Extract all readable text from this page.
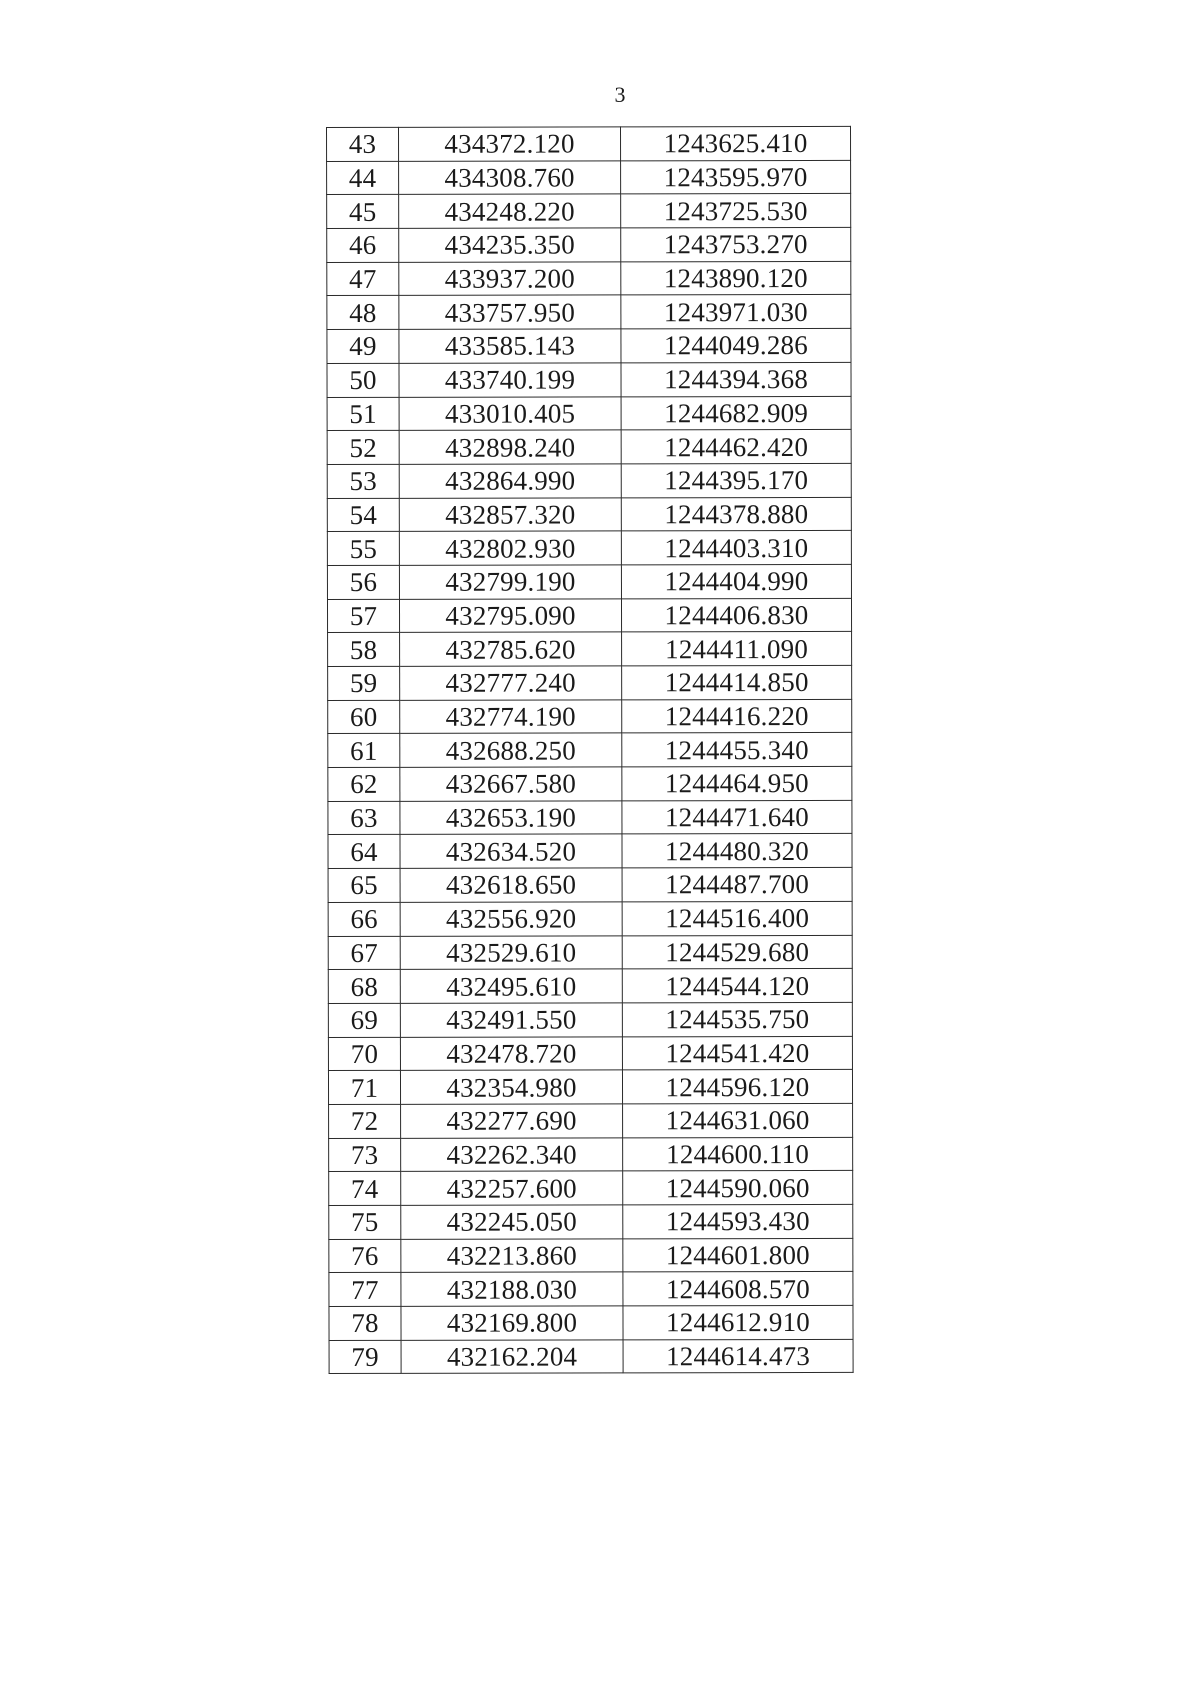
3
43	434372.120	1243625.410
44	434308.760	1243595.970
45	434248.220	1243725.530
46	434235.350	1243753.270
47	433937.200	1243890.120
48	433757.950	1243971.030
49	433585.143	1244049.286
50	433740.199	1244394.368
51	433010.405	1244682.909
52	432898.240	1244462.420
53	432864.990	1244395.170
54	432857.320	1244378.880
55	432802.930	1244403.310
56	432799.190	1244404.990
57	432795.090	1244406.830
58	432785.620	1244411.090
59	432777.240	1244414.850
60	432774.190	1244416.220
61	432688.250	1244455.340
62	432667.580	1244464.950
63	432653.190	1244471.640
64	432634.520	1244480.320
65	432618.650	1244487.700
66	432556.920	1244516.400
67	432529.610	1244529.680
68	432495.610	1244544.120
69	432491.550	1244535.750
70	432478.720	1244541.420
71	432354.980	1244596.120
72	432277.690	1244631.060
73	432262.340	1244600.110
74	432257.600	1244590.060
75	432245.050	1244593.430
76	432213.860	1244601.800
77	432188.030	1244608.570
78	432169.800	1244612.910
79	432162.204	1244614.473
